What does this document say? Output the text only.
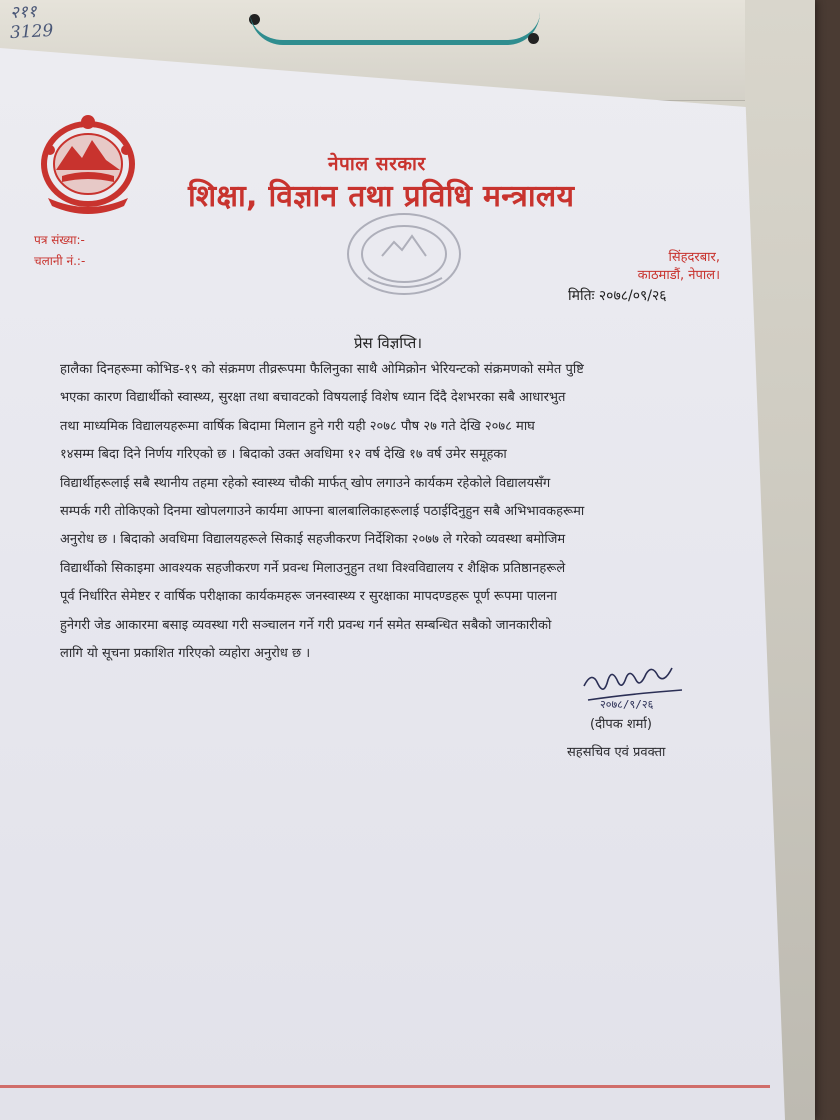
२११
3129
नेपाल सरकार
शिक्षा, विज्ञान तथा प्रविधि मन्त्रालय
पत्र संख्या:-
चलानी नं.:-	सिंहदरबार,
काठमाडौं, नेपाल।
मितिः २०७८/०९/२६
प्रेस विज्ञप्ति।
हालैका दिनहरूमा कोभिड-१९ को संक्रमण तीव्ररूपमा फैलिनुका साथै ओमिक्रोन भेरियन्टको संक्रमणको समेत पुष्टि
भएका कारण विद्यार्थीको स्वास्थ्य, सुरक्षा तथा बचावटको विषयलाई विशेष ध्यान दिंदै देशभरका सबै आधारभुत
तथा माध्यमिक विद्यालयहरूमा वार्षिक बिदामा मिलान हुने गरी यही २०७८ पौष २७ गते देखि २०७८ माघ
१४सम्म बिदा दिने निर्णय गरिएको छ । बिदाको उक्त अवधिमा १२ वर्ष देखि १७ वर्ष उमेर समूहका
विद्यार्थीहरूलाई सबै स्थानीय तहमा रहेको स्वास्थ्य चौकी मार्फत् खोप लगाउने कार्यकम रहेकोले विद्यालयसँग
सम्पर्क गरी तोकिएको दिनमा खोपलगाउने कार्यमा आफ्ना बालबालिकाहरूलाई पठाईदिनुहुन सबै अभिभावकहरूमा
अनुरोध छ । बिदाको अवधिमा विद्यालयहरूले सिकाई सहजीकरण निर्देशिका २०७७ ले गरेको व्यवस्था बमोजिम
विद्यार्थीको सिकाइमा आवश्यक सहजीकरण गर्ने प्रवन्ध मिलाउनुहुन तथा विश्वविद्यालय र शैक्षिक प्रतिष्ठानहरूले
पूर्व निर्धारित सेमेष्टर र वार्षिक परीक्षाका कार्यकमहरू जनस्वास्थ्य र सुरक्षाका मापदण्डहरू पूर्ण रूपमा पालना
हुनेगरी जेड आकारमा बसाइ व्यवस्था गरी सञ्चालन गर्ने गरी प्रवन्ध गर्न समेत सम्बन्धित सबैको जानकारीको
लागि यो सूचना प्रकाशित गरिएको व्यहोरा अनुरोध छ ।
२०७८/९/२६
(दीपक शर्मा)
सहसचिव एवं प्रवक्ता
